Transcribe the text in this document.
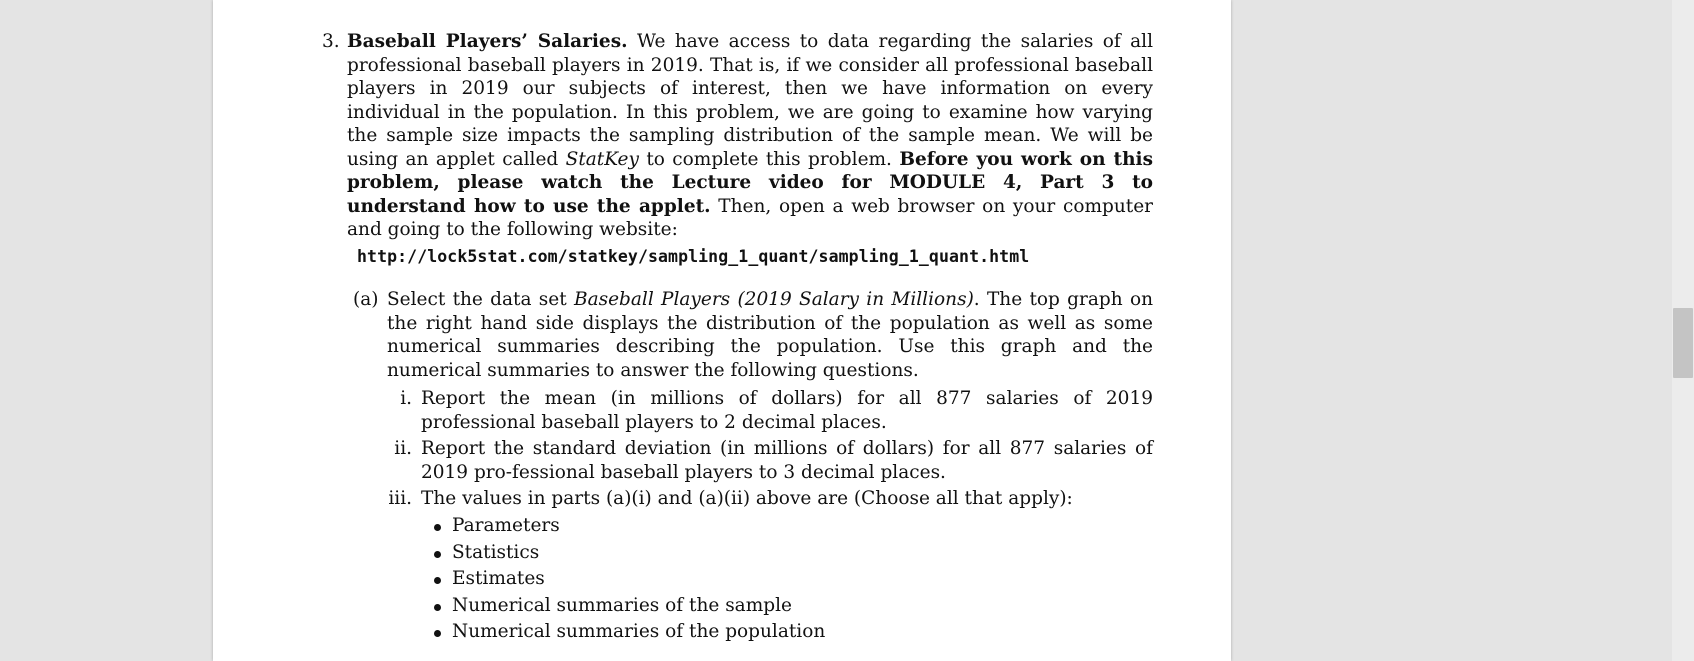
3. Baseball Players’ Salaries. We have access to data regarding the salaries of all professional baseball players in 2019. That is, if we consider all professional baseball players in 2019 our subjects of interest, then we have information on every individual in the population. In this problem, we are going to examine how varying the sample size impacts the sampling distribution of the sample mean. We will be using an applet called StatKey to complete this problem. Before you work on this problem, please watch the Lecture video for MODULE 4, Part 3 to understand how to use the applet. Then, open a web browser on your computer and going to the following website:
http://lock5stat.com/statkey/sampling_1_quant/sampling_1_quant.html
(a) Select the data set Baseball Players (2019 Salary in Millions). The top graph on the right hand side displays the distribution of the population as well as some numerical summaries describing the population. Use this graph and the numerical summaries to answer the following questions.
i. Report the mean (in millions of dollars) for all 877 salaries of 2019 professional baseball players to 2 decimal places.
ii. Report the standard deviation (in millions of dollars) for all 877 salaries of 2019 pro-fessional baseball players to 3 decimal places.
iii. The values in parts (a)(i) and (a)(ii) above are (Choose all that apply):
Parameters
Statistics
Estimates
Numerical summaries of the sample
Numerical summaries of the population
